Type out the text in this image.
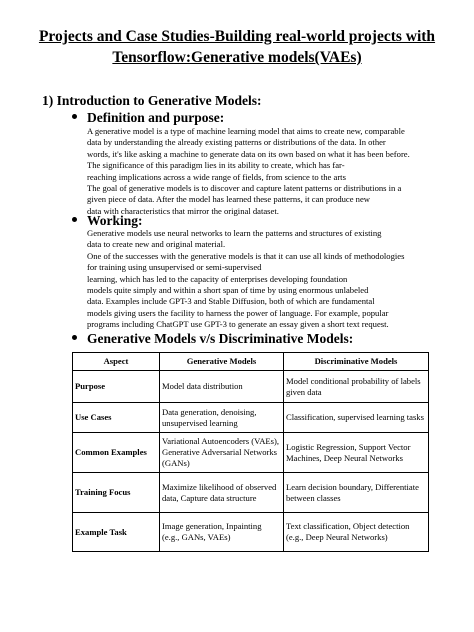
Projects and Case Studies-Building real-world projects with Tensorflow:Generative models(VAEs)
1) Introduction to Generative Models:
Definition and purpose:
A generative model is a type of machine learning model that aims to create new, comparable
data by understanding the already existing patterns or distributions of the data. In other
words, it's like asking a machine to generate data on its own based on what it has been before.
The significance of this paradigm lies in its ability to create, which has far-
reaching implications across a wide range of fields, from science to the arts
The goal of generative models is to discover and capture latent patterns or distributions in a
given piece of data. After the model has learned these patterns, it can produce new
data with characteristics that mirror the original dataset.
Working:
Generative models use neural networks to learn the patterns and structures of existing
data to create new and original material.
One of the successes with the generative models is that it can use all kinds of methodologies
for training using unsupervised or semi-supervised
learning, which has led to the capacity of enterprises developing foundation
models quite simply and within a short span of time by using enormous unlabeled
data. Examples include GPT-3 and Stable Diffusion, both of which are fundamental
models giving users the facility to harness the power of language. For example, popular
programs including ChatGPT use GPT-3 to generate an essay given a short text request.
Generative Models v/s Discriminative Models:
Aspect	Generative Models	Discriminative Models
Purpose	Model data distribution	Model conditional probability of labels given data
Use Cases	Data generation, denoising, unsupervised learning	Classification, supervised learning tasks
Common Examples	Variational Autoencoders (VAEs), Generative Adversarial Networks (GANs)	Logistic Regression, Support Vector Machines, Deep Neural Networks
Training Focus	Maximize likelihood of observed data, Capture data structure	Learn decision boundary, Differentiate between classes
Example Task	Image generation, Inpainting (e.g., GANs, VAEs)	Text classification, Object detection (e.g., Deep Neural Networks)
